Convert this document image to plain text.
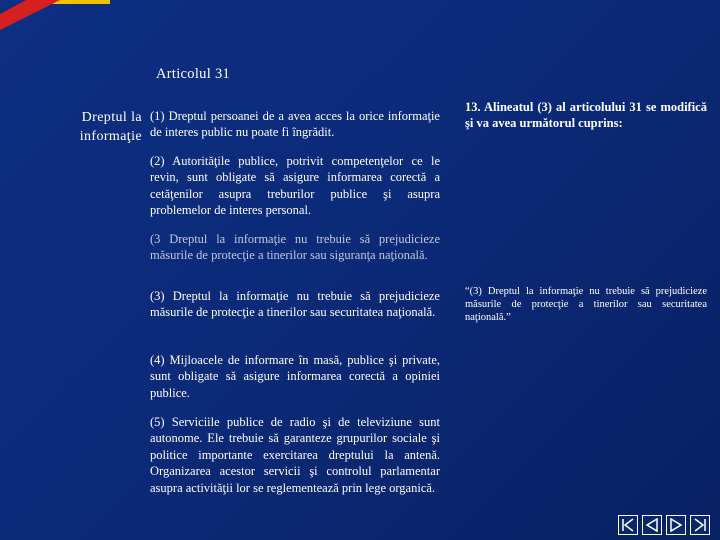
Articolul 31
Dreptul la informaţie
(1) Dreptul persoanei de a avea acces la orice informaţie de interes public nu poate fi îngrădit.
(2) Autorităţile publice, potrivit competenţelor ce le revin, sunt obligate să asigure informarea corectă a cetăţenilor asupra treburilor publice şi asupra problemelor de interes personal.
(3 Dreptul la informaţie nu trebuie să prejudicieze măsurile de protecţie a tinerilor sau siguranţa naţională.
(3) Dreptul la informaţie nu trebuie să prejudicieze măsurile de protecţie a tinerilor sau securitatea naţională.
(4) Mijloacele de informare în masă, publice şi private, sunt obligate să asigure informarea corectă a opiniei publice.
(5) Serviciile publice de radio şi de televiziune sunt autonome. Ele trebuie să garanteze grupurilor sociale şi politice importante exercitarea dreptului la antenă. Organizarea acestor servicii şi controlul parlamentar asupra activităţii lor se reglementează prin lege organică.
13. Alineatul (3) al articolului 31 se modifică şi va avea următorul cuprins:
“(3) Dreptul la informaţie nu trebuie să prejudicieze măsurile de protecţie a tinerilor sau securitatea naţională.”
